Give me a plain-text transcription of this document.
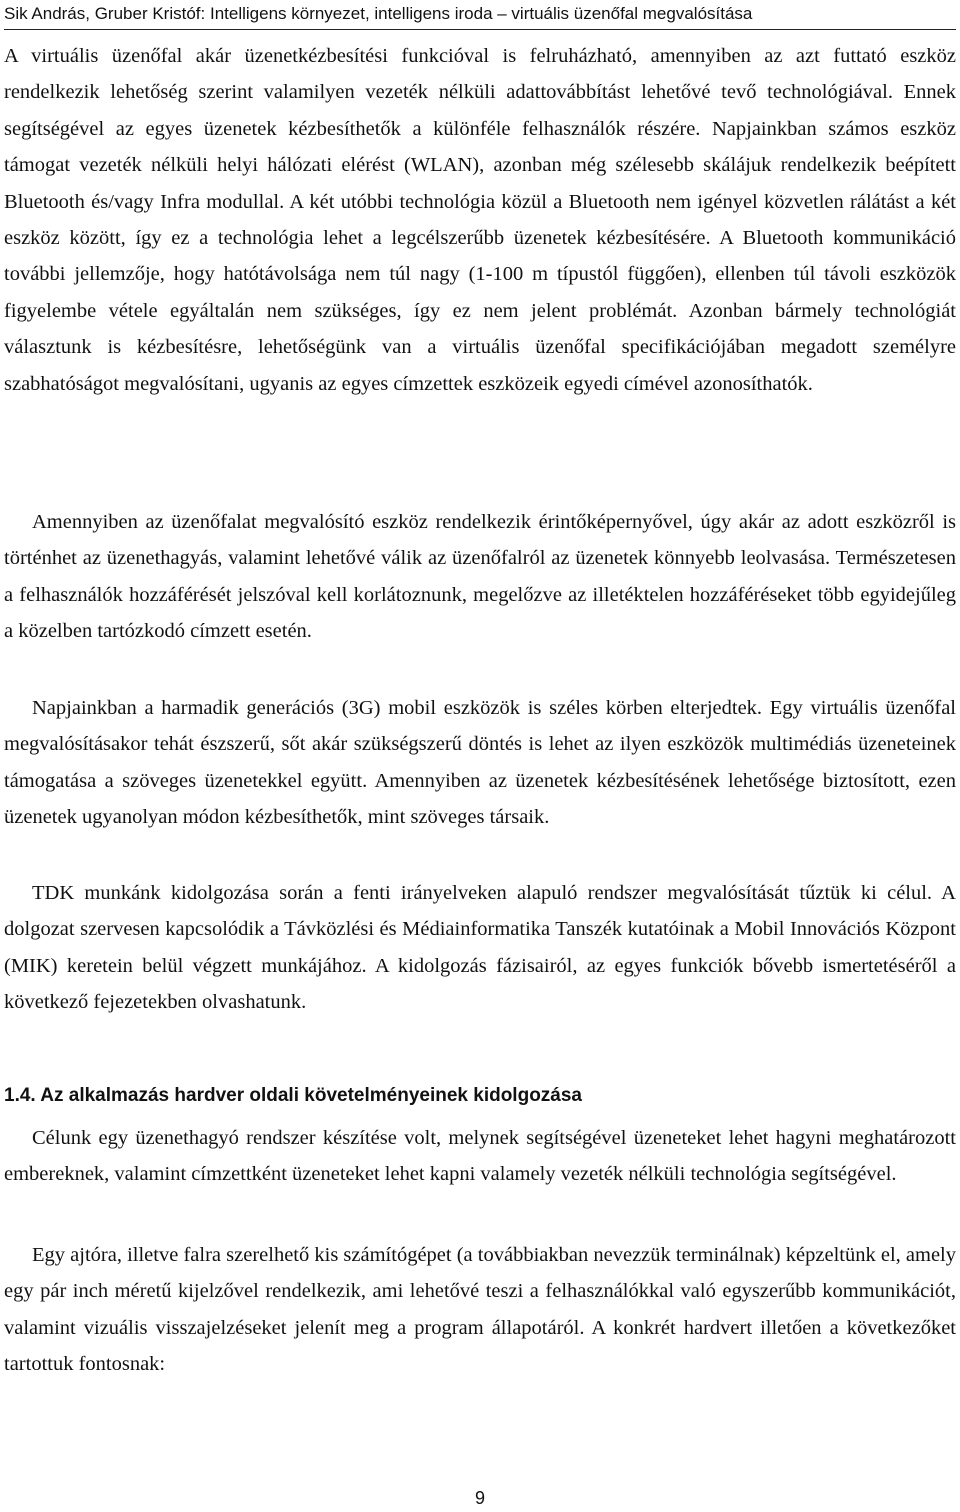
Sik András, Gruber Kristóf: Intelligens környezet, intelligens iroda – virtuális üzenőfal megvalósítása

A virtuális üzenőfal akár üzenetkézbesítési funkcióval is felruházható, amennyiben az azt futtató eszköz rendelkezik lehetőség szerint valamilyen vezeték nélküli adattovábbítást lehetővé tevő technológiával. Ennek segítségével az egyes üzenetek kézbesíthetők a különféle felhasználók részére. Napjainkban számos eszköz támogat vezeték nélküli helyi hálózati elérést (WLAN), azonban még szélesebb skálájuk rendelkezik beépített Bluetooth és/vagy Infra modullal. A két utóbbi technológia közül a Bluetooth nem igényel közvetlen rálátást a két eszköz között, így ez a technológia lehet a legcélszerűbb üzenetek kézbesítésére. A Bluetooth kommunikáció további jellemzője, hogy hatótávolsága nem túl nagy (1-100 m típustól függően), ellenben túl távoli eszközök figyelembe vétele egyáltalán nem szükséges, így ez nem jelent problémát. Azonban bármely technológiát választunk is kézbesítésre, lehetőségünk van a virtuális üzenőfal specifikációjában megadott személyre szabhatóságot megvalósítani, ugyanis az egyes címzettek eszközeik egyedi címével azonosíthatók.

Amennyiben az üzenőfalat megvalósító eszköz rendelkezik érintőképernyővel, úgy akár az adott eszközről is történhet az üzenethagyás, valamint lehetővé válik az üzenőfalról az üzenetek könnyebb leolvasása. Természetesen a felhasználók hozzáférését jelszóval kell korlátoznunk, megelőzve az illetéktelen hozzáféréseket több egyidejűleg a közelben tartózkodó címzett esetén.

Napjainkban a harmadik generációs (3G) mobil eszközök is széles körben elterjedtek. Egy virtuális üzenőfal megvalósításakor tehát észszerű, sőt akár szükségszerű döntés is lehet az ilyen eszközök multimédiás üzeneteinek támogatása a szöveges üzenetekkel együtt. Amennyiben az üzenetek kézbesítésének lehetősége biztosított, ezen üzenetek ugyanolyan módon kézbesíthetők, mint szöveges társaik.

TDK munkánk kidolgozása során a fenti irányelveken alapuló rendszer megvalósítását tűztük ki célul. A dolgozat szervesen kapcsolódik a Távközlési és Médiainformatika Tanszék kutatóinak a Mobil Innovációs Központ (MIK) keretein belül végzett munkájához. A kidolgozás fázisairól, az egyes funkciók bővebb ismertetéséről a következő fejezetekben olvashatunk.

1.4. Az alkalmazás hardver oldali követelményeinek kidolgozása

Célunk egy üzenethagyó rendszer készítése volt, melynek segítségével üzeneteket lehet hagyni meghatározott embereknek, valamint címzettként üzeneteket lehet kapni valamely vezeték nélküli technológia segítségével.

Egy ajtóra, illetve falra szerelhető kis számítógépet (a továbbiakban nevezzük terminálnak) képzeltünk el, amely egy pár inch méretű kijelzővel rendelkezik, ami lehetővé teszi a felhasználókkal való egyszerűbb kommunikációt, valamint vizuális visszajelzéseket jelenít meg a program állapotáról. A konkrét hardvert illetően a következőket tartottuk fontosnak:

9
